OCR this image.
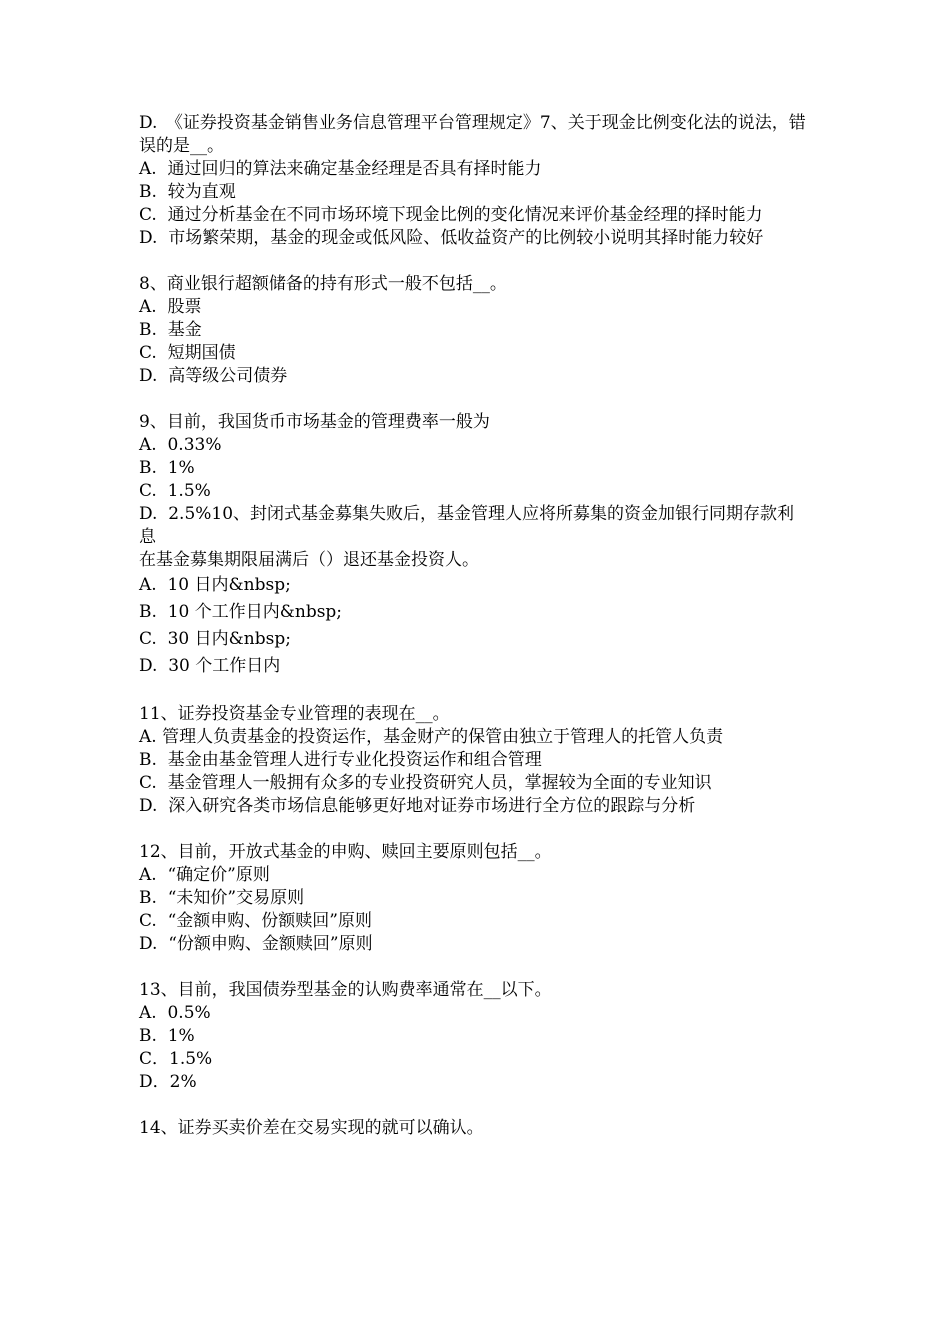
D.　《证券投资基金销售业务信息管理平台管理规定》7、关于现金比例变化法的说法，错误的是__。
A.  通过回归的算法来确定基金经理是否具有择时能力
B.  较为直观
C.  通过分析基金在不同市场环境下现金比例的变化情况来评价基金经理的择时能力
D.  市场繁荣期，基金的现金或低风险、低收益资产的比例较小说明其择时能力较好
8、商业银行超额储备的持有形式一般不包括__。
A.  股票
B.  基金
C.  短期国债
D.  高等级公司债券
9、目前，我国货币市场基金的管理费率一般为
A.  0.33%
B.  1%
C.  1.5%
D.  2.5%10、封闭式基金募集失败后，基金管理人应将所募集的资金加银行同期存款利息
在基金募集期限届满后（）退还基金投资人。
A.  10 日内&nbsp;
B.  10 个工作日内&nbsp;
C.  30 日内&nbsp;
D.  30 个工作日内
11、证券投资基金专业管理的表现在__。
A. 管理人负责基金的投资运作，基金财产的保管由独立于管理人的托管人负责
B.  基金由基金管理人进行专业化投资运作和组合管理
C.  基金管理人一般拥有众多的专业投资研究人员，掌握较为全面的专业知识
D.  深入研究各类市场信息能够更好地对证券市场进行全方位的跟踪与分析
12、目前，开放式基金的申购、赎回主要原则包括__。
A.  “确定价”原则
B.  “未知价”交易原则
C.  “金额申购、份额赎回”原则
D.  “份额申购、金额赎回”原则
13、目前，我国债券型基金的认购费率通常在__以下。
A.  0.5%
B.  1%
C．1.5%
D．2%
14、证券买卖价差在交易实现的就可以确认。
